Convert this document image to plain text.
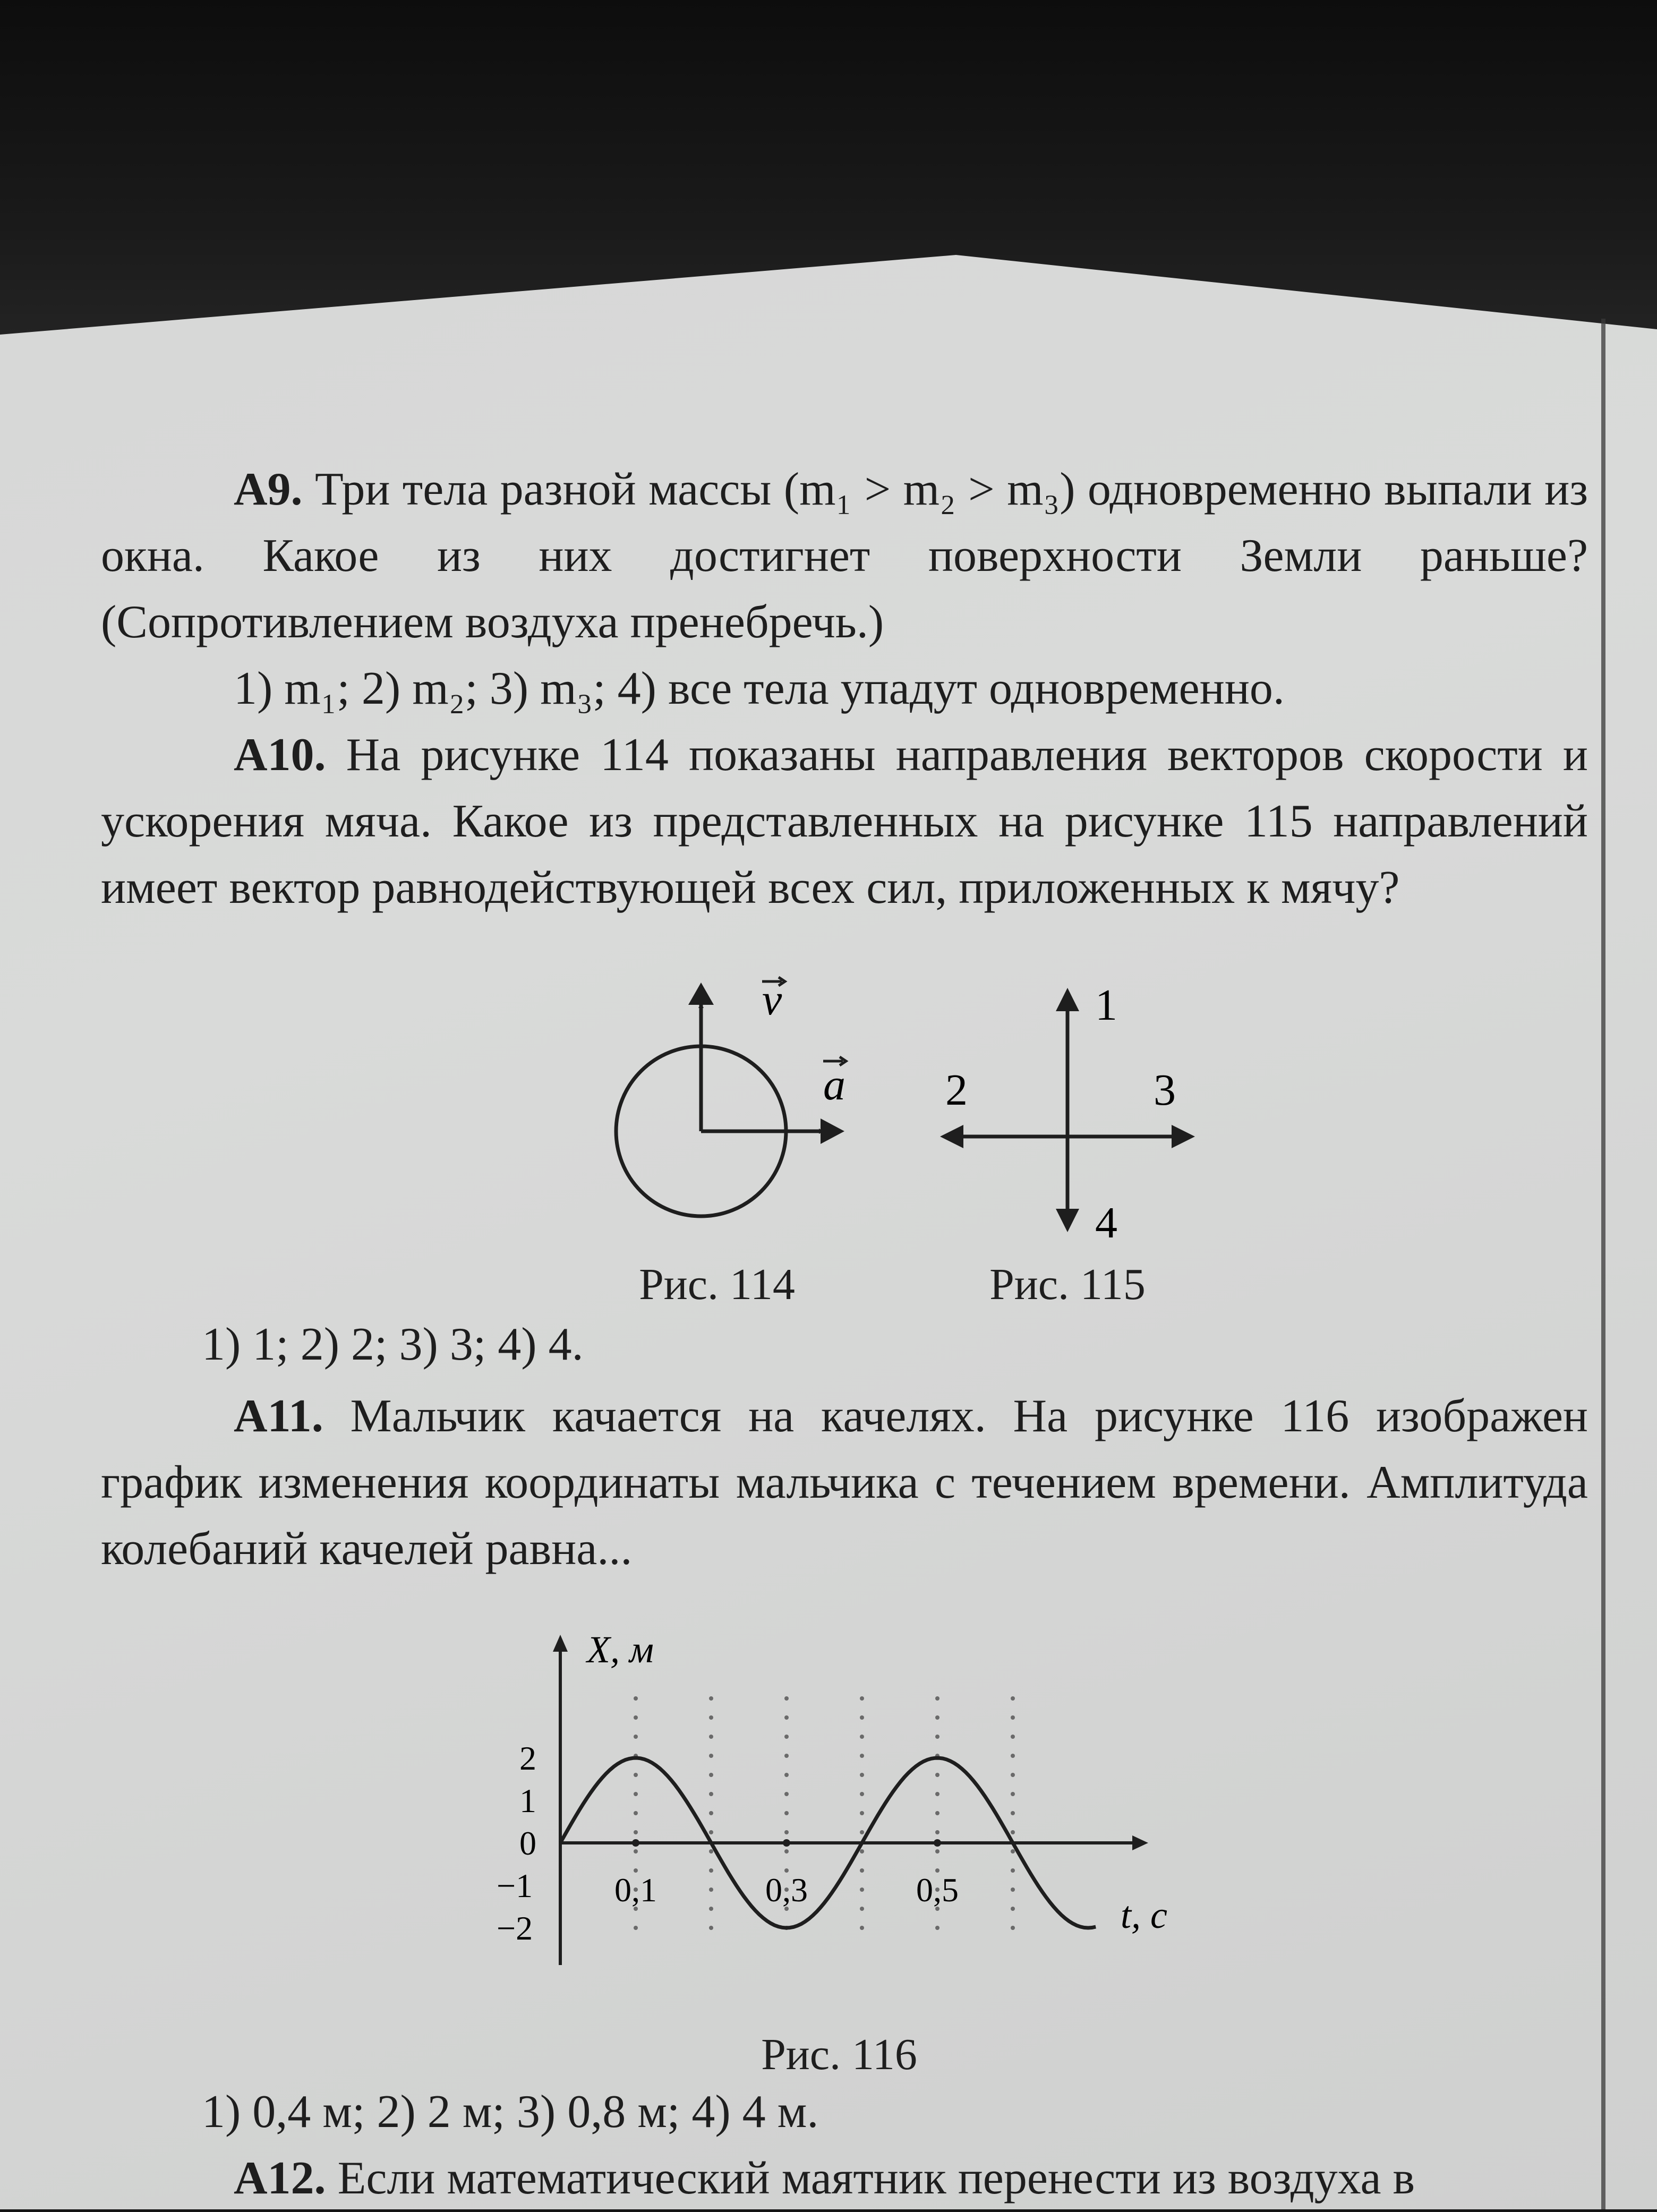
А9. Три тела разной массы (m₁ > m₂ > m₃) одновременно выпали из окна. Какое из них достигнет поверхности Земли раньше? (Сопротивлением воздуха пренебречь.)

1) m₁; 2) m₂; 3) m₃; 4) все тела упадут одновременно.

А10. На рисунке 114 показаны направления векторов скорости и ускорения мяча. Какое из представленных на рисунке 115 направлений имеет вектор равнодействующей всех сил, приложенных к мячу?

v
a
1
2	3
4
Рис. 114	Рис. 115

1) 1; 2) 2; 3) 3; 4) 4.

А11. Мальчик качается на качелях. На рисунке 116 изображен график изменения координаты мальчика с течением времени. Амплитуда колебаний качелей равна...

X, м
t, c
0,1	0,3	0,5
2
1
0
−1
−2
Рис. 116

1) 0,4 м; 2) 2 м; 3) 0,8 м; 4) 4 м.

А12. Если математический маятник перенести из воздуха в
